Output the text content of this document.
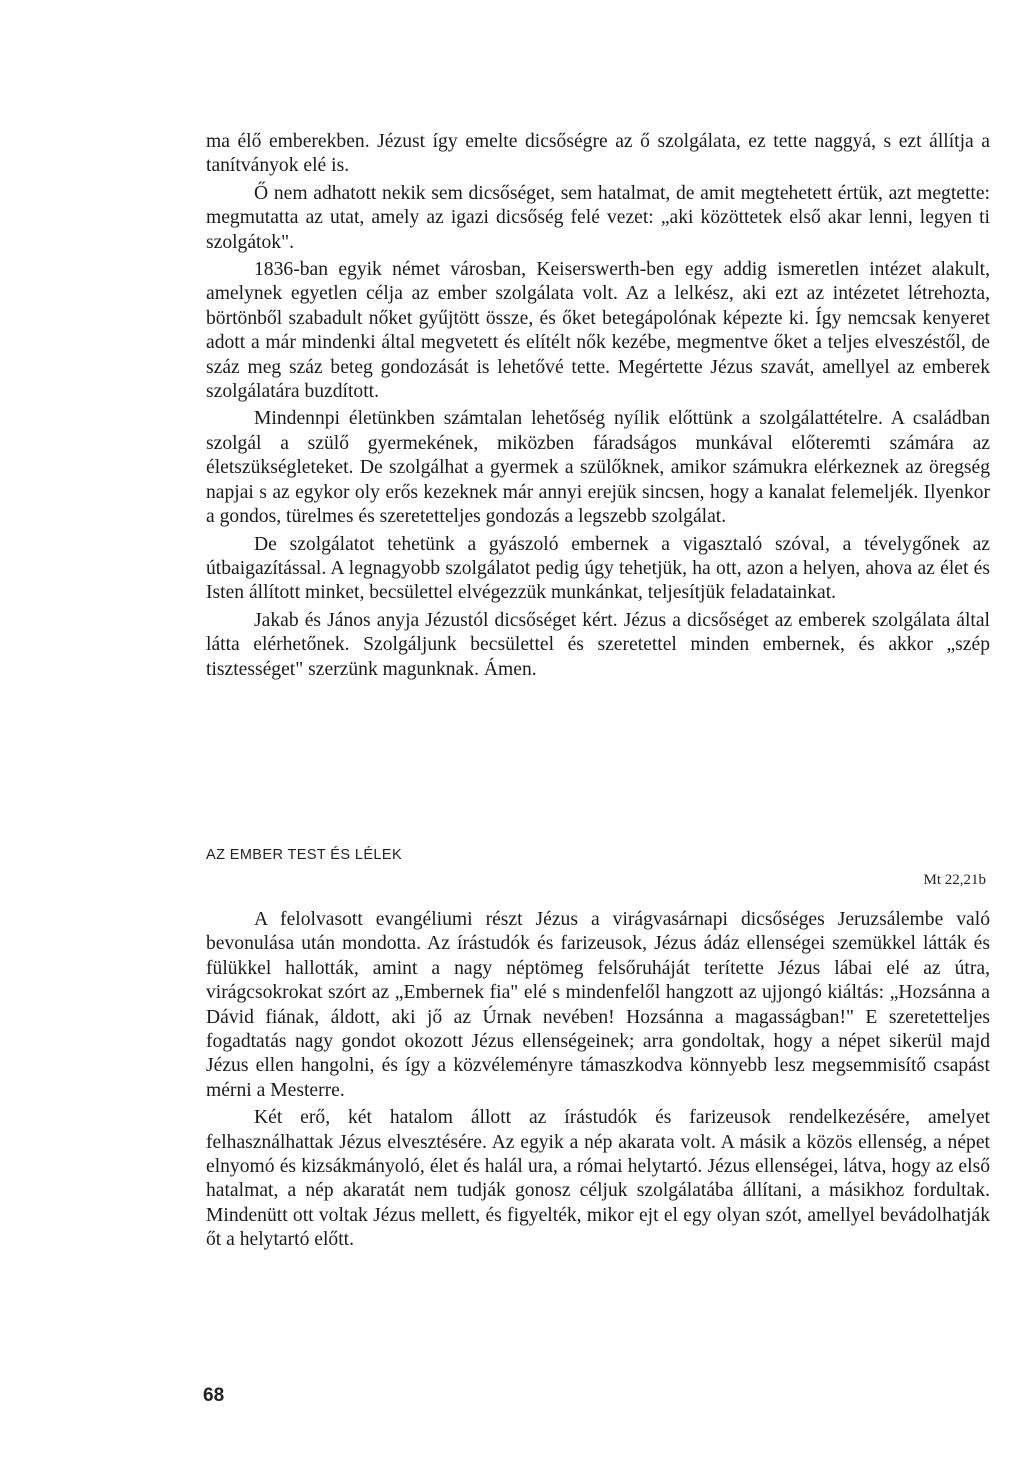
ma élő emberekben. Jézust így emelte dicsőségre az ő szolgálata, ez tette naggyá, s ezt állítja a tanítványok elé is.

Ő nem adhatott nekik sem dicsőséget, sem hatalmat, de amit megtehetett értük, azt megtette: megmutatta az utat, amely az igazi dicsőség felé vezet: „aki közöttetek első akar lenni, legyen ti szolgátok".

1836-ban egyik német városban, Keiserswerth-ben egy addig ismeretlen intézet alakult, amelynek egyetlen célja az ember szolgálata volt. Az a lelkész, aki ezt az intézetet létrehozta, börtönből szabadult nőket gyűjtött össze, és őket betegápolónak képezte ki. Így nemcsak kenyeret adott a már mindenki által megvetett és elítélt nők kezébe, megmentve őket a teljes elveszéstől, de száz meg száz beteg gondozását is lehetővé tette. Megértette Jézus szavát, amellyel az emberek szolgálatára buzdított.

Mindennpi életünkben számtalan lehetőség nyílik előttünk a szolgálattételre. A családban szolgál a szülő gyermekének, miközben fáradságos munkával előteremti számára az életszükségleteket. De szolgálhat a gyermek a szülőknek, amikor számukra elérkeznek az öregség napjai s az egykor oly erős kezeknek már annyi erejük sincsen, hogy a kanalat felemeljék. Ilyenkor a gondos, türelmes és szeretetteljes gondozás a legszebb szolgálat.

De szolgálatot tehetünk a gyászoló embernek a vigasztaló szóval, a tévelygőnek az útbaigazítással. A legnagyobb szolgálatot pedig úgy tehetjük, ha ott, azon a helyen, ahova az élet és Isten állított minket, becsülettel elvégezzük munkánkat, teljesítjük feladatainkat.

Jakab és János anyja Jézustól dicsőséget kért. Jézus a dicsőséget az emberek szolgálata által látta elérhetőnek. Szolgáljunk becsülettel és szeretettel minden embernek, és akkor „szép tisztességet" szerzünk magunknak. Ámen.

AZ EMBER TEST ÉS LÉLEK
Mt 22,21b

A felolvasott evangéliumi részt Jézus a virágvasárnapi dicsőséges Jeruzsálembe való bevonulása után mondotta. Az írástudók és farizeusok, Jézus ádáz ellenségei szemükkel látták és fülükkel hallották, amint a nagy néptömeg felsőruháját terítette Jézus lábai elé az útra, virágcsokrokat szórt az „Embernek fia" elé s mindenfelől hangzott az ujjongó kiáltás: „Hozsánna a Dávid fiának, áldott, aki jő az Úrnak nevében! Hozsánna a magasságban!" E szeretetteljes fogadtatás nagy gondot okozott Jézus ellenségeinek; arra gondoltak, hogy a népet sikerül majd Jézus ellen hangolni, és így a közvéleményre támaszkodva könnyebb lesz megsemmisítő csapást mérni a Mesterre.

Két erő, két hatalom állott az írástudók és farizeusok rendelkezésére, amelyet felhasználhattak Jézus elvesztésére. Az egyik a nép akarata volt. A másik a közös ellenség, a népet elnyomó és kizsákmányoló, élet és halál ura, a római helytartó. Jézus ellenségei, látva, hogy az első hatalmat, a nép akaratát nem tudják gonosz céljuk szolgálatába állítani, a másikhoz fordultak. Mindenütt ott voltak Jézus mellett, és figyelték, mikor ejt el egy olyan szót, amellyel bevádolhatják őt a helytartó előtt.

68
